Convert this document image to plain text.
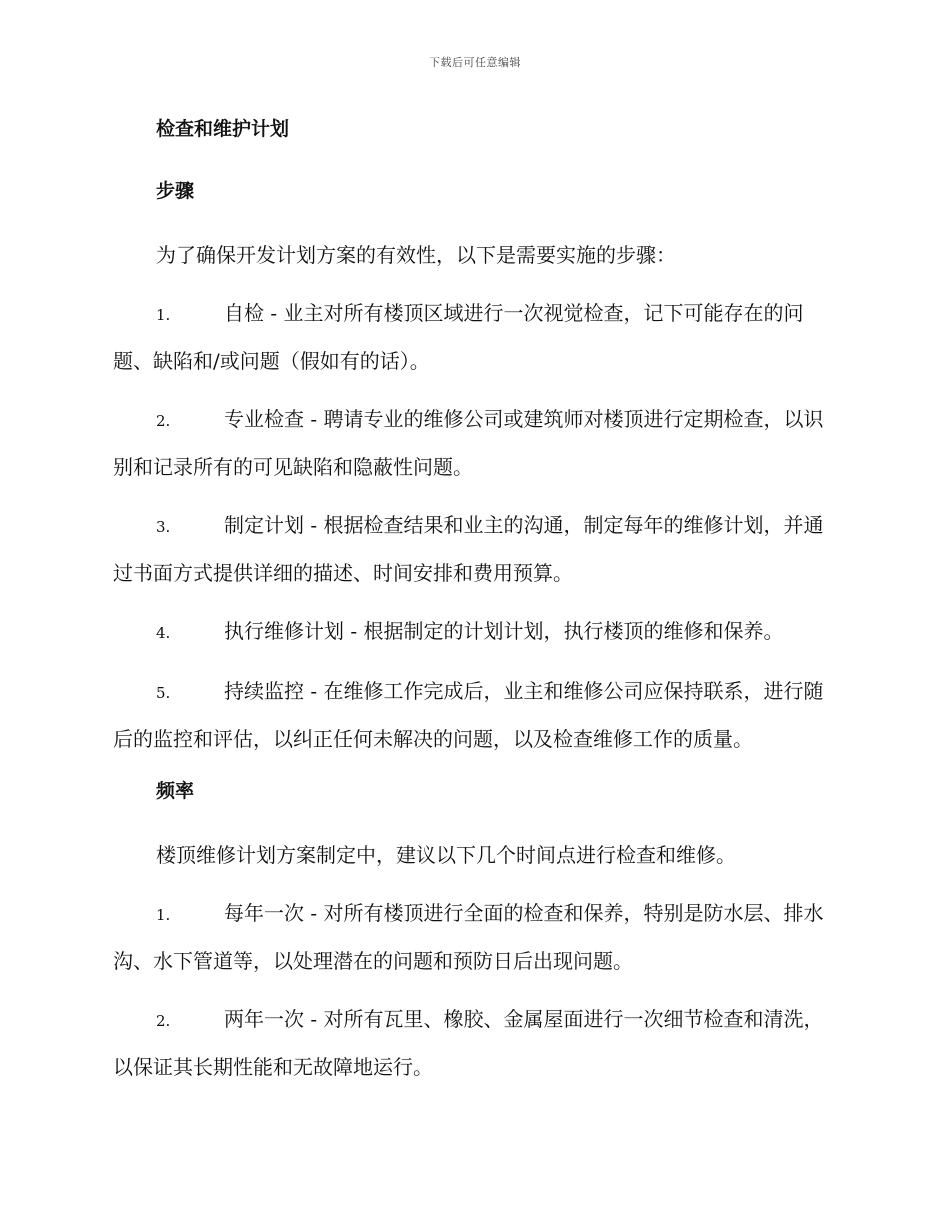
下载后可任意编辑
检查和维护计划
步骤

为了确保开发计划方案的有效性，以下是需要实施的步骤：

1.	自检 - 业主对所有楼顶区域进行一次视觉检查，记下可能存在的问题、缺陷和/或问题（假如有的话）。

2.	专业检查 - 聘请专业的维修公司或建筑师对楼顶进行定期检查，以识别和记录所有的可见缺陷和隐蔽性问题。

3.	制定计划 - 根据检查结果和业主的沟通，制定每年的维修计划，并通过书面方式提供详细的描述、时间安排和费用预算。

4.	执行维修计划 - 根据制定的计划计划，执行楼顶的维修和保养。

5.	持续监控 - 在维修工作完成后，业主和维修公司应保持联系，进行随后的监控和评估，以纠正任何未解决的问题，以及检查维修工作的质量。

频率

楼顶维修计划方案制定中，建议以下几个时间点进行检查和维修。

1.	每年一次 - 对所有楼顶进行全面的检查和保养，特别是防水层、排水沟、水下管道等，以处理潜在的问题和预防日后出现问题。

2.	两年一次 - 对所有瓦里、橡胶、金属屋面进行一次细节检查和清洗，以保证其长期性能和无故障地运行。
